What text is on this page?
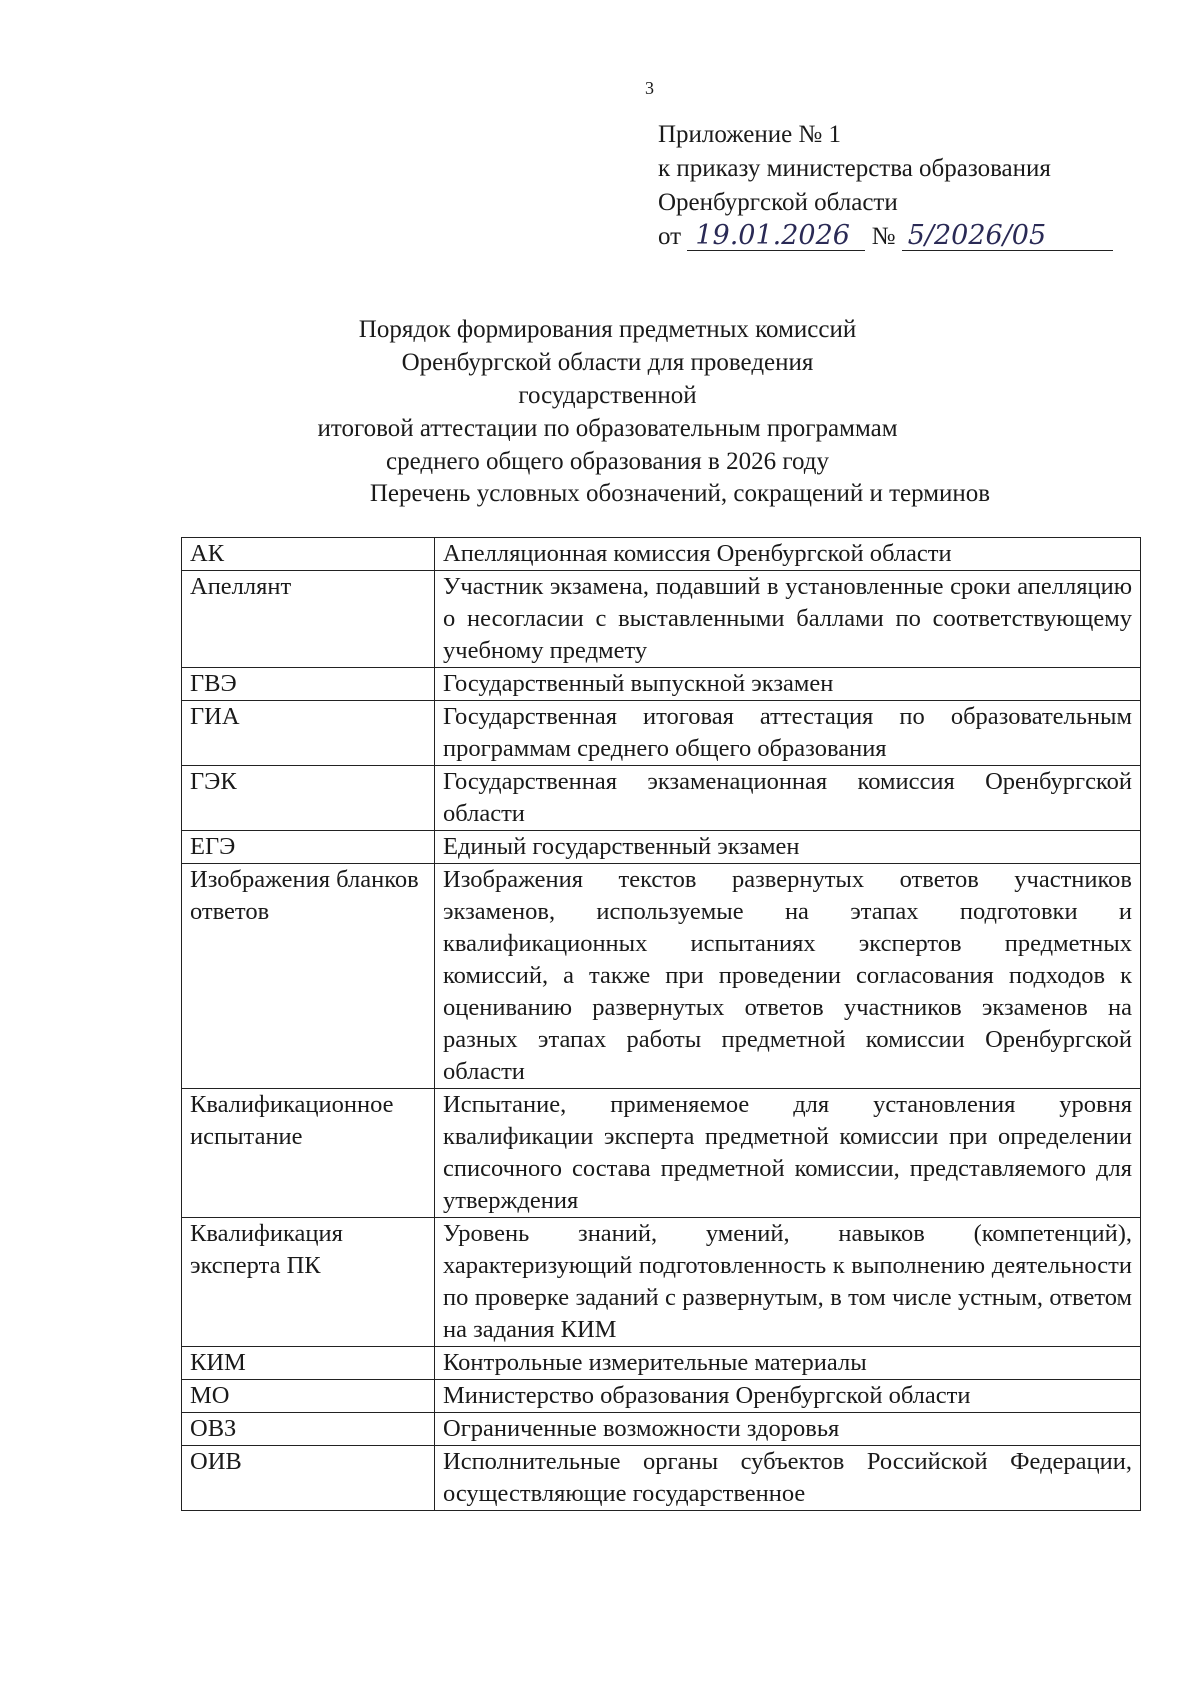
3
Приложение № 1
к приказу министерства образования
Оренбургской области
от 19.01.2026 № 5/2026/05
Порядок формирования предметных комиссий
Оренбургской области для проведения государственной
итоговой аттестации по образовательным программам
среднего общего образования в 2026 году
Перечень условных обозначений, сокращений и терминов
АК	Апелляционная комиссия Оренбургской области
Апеллянт	Участник экзамена, подавший в установленные сроки апелляцию о несогласии с выставленными баллами по соответствующему учебному предмету
ГВЭ	Государственный выпускной экзамен
ГИА	Государственная итоговая аттестация по образовательным программам среднего общего образования
ГЭК	Государственная экзаменационная комиссия Оренбургской области
ЕГЭ	Единый государственный экзамен
Изображения бланков ответов	Изображения текстов развернутых ответов участников экзаменов, используемые на этапах подготовки и квалификационных испытаниях экспертов предметных комиссий, а также при проведении согласования подходов к оцениванию развернутых ответов участников экзаменов на разных этапах работы предметной комиссии Оренбургской области
Квалификационное испытание	Испытание, применяемое для установления уровня квалификации эксперта предметной комиссии при определении списочного состава предметной комиссии, представляемого для утверждения
Квалификация эксперта ПК	Уровень знаний, умений, навыков (компетенций), характеризующий подготовленность к выполнению деятельности по проверке заданий с развернутым, в том числе устным, ответом на задания КИМ
КИМ	Контрольные измерительные материалы
МО	Министерство образования Оренбургской области
ОВЗ	Ограниченные возможности здоровья
ОИВ	Исполнительные органы субъектов Российской Федерации, осуществляющие государственное
